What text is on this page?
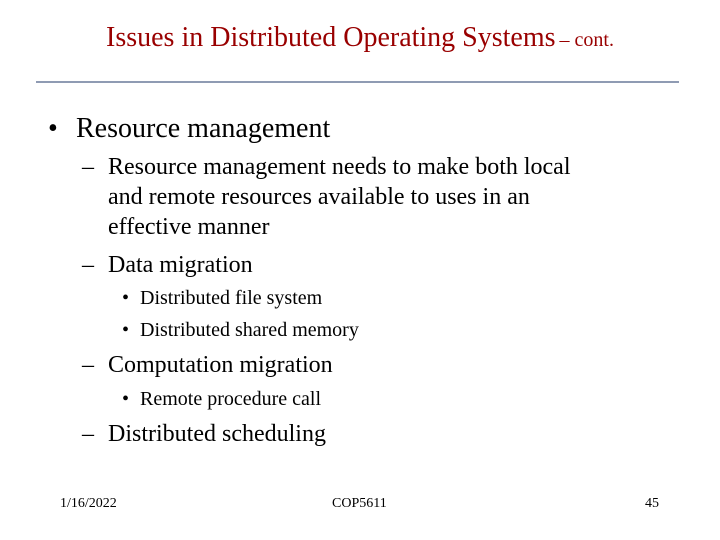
Issues in Distributed Operating Systems – cont.
• Resource management
– Resource management needs to make both local
and remote resources available to uses in an
effective manner
– Data migration
• Distributed file system
• Distributed shared memory
– Computation migration
• Remote procedure call
– Distributed scheduling
1/16/2022	COP5611	45
